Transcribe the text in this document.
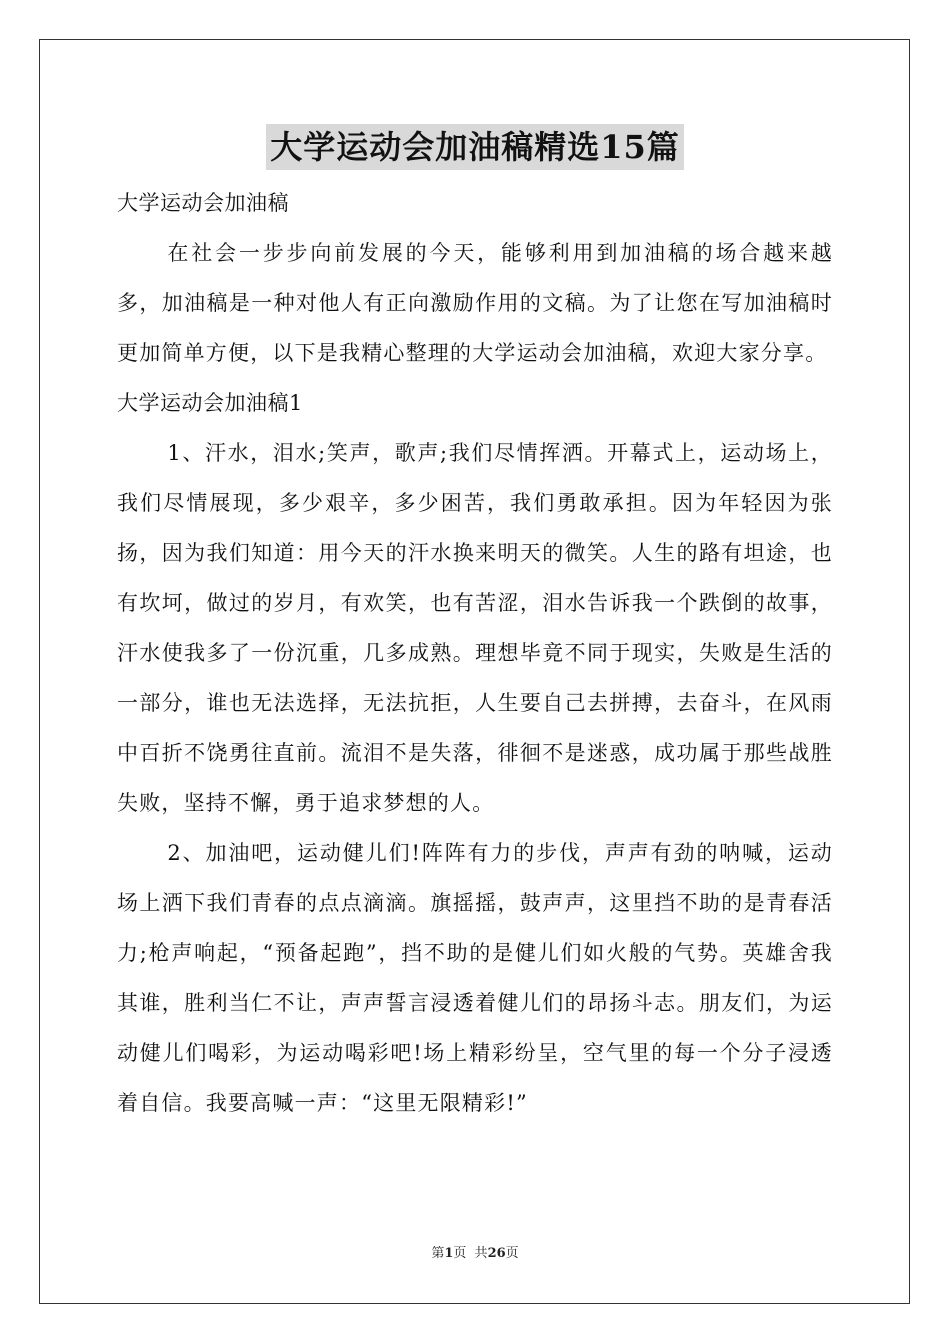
大学运动会加油稿精选15篇

大学运动会加油稿

在社会一步步向前发展的今天，能够利用到加油稿的场合越来越多，加油稿是一种对他人有正向激励作用的文稿。为了让您在写加油稿时更加简单方便，以下是我精心整理的大学运动会加油稿，欢迎大家分享。

大学运动会加油稿1

1、汗水，泪水;笑声，歌声;我们尽情挥洒。开幕式上，运动场上，我们尽情展现，多少艰辛，多少困苦，我们勇敢承担。因为年轻因为张扬，因为我们知道：用今天的汗水换来明天的微笑。人生的路有坦途，也有坎坷，做过的岁月，有欢笑，也有苦涩，泪水告诉我一个跌倒的故事，汗水使我多了一份沉重，几多成熟。理想毕竟不同于现实，失败是生活的一部分，谁也无法选择，无法抗拒，人生要自己去拼搏，去奋斗，在风雨中百折不饶勇往直前。流泪不是失落，徘徊不是迷惑，成功属于那些战胜失败，坚持不懈，勇于追求梦想的人。

2、加油吧，运动健儿们!阵阵有力的步伐，声声有劲的呐喊，运动场上洒下我们青春的点点滴滴。旗摇摇，鼓声声，这里挡不助的是青春活力;枪声响起，“预备起跑”，挡不助的是健儿们如火般的气势。英雄舍我其谁，胜利当仁不让，声声誓言浸透着健儿们的昂扬斗志。朋友们，为运动健儿们喝彩，为运动喝彩吧!场上精彩纷呈，空气里的每一个分子浸透着自信。我要高喊一声：“这里无限精彩!”

第1页 共26页
